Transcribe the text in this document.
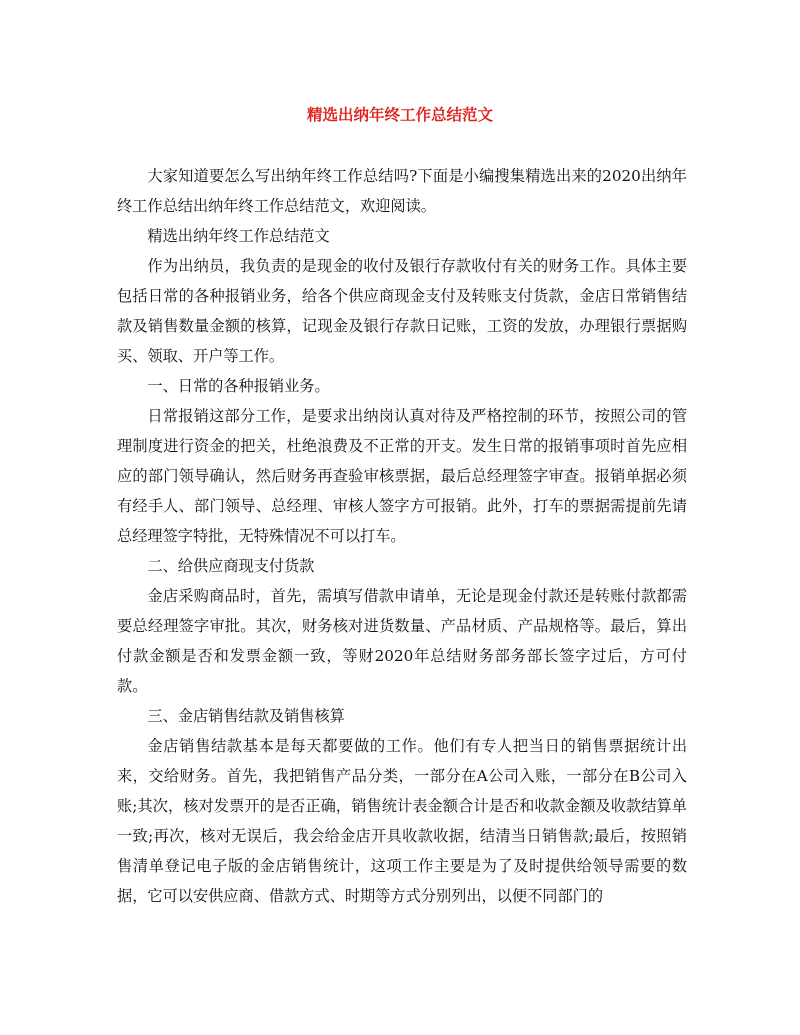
精选出纳年终工作总结范文

大家知道要怎么写出纳年终工作总结吗?下面是小编搜集精选出来的2020出纳年终工作总结出纳年终工作总结范文，欢迎阅读。

精选出纳年终工作总结范文

作为出纳员，我负责的是现金的收付及银行存款收付有关的财务工作。具体主要包括日常的各种报销业务，给各个供应商现金支付及转账支付货款，金店日常销售结款及销售数量金额的核算，记现金及银行存款日记账，工资的发放，办理银行票据购买、领取、开户等工作。

一、日常的各种报销业务。

日常报销这部分工作，是要求出纳岗认真对待及严格控制的环节，按照公司的管理制度进行资金的把关，杜绝浪费及不正常的开支。发生日常的报销事项时首先应相应的部门领导确认，然后财务再查验审核票据，最后总经理签字审查。报销单据必须有经手人、部门领导、总经理、审核人签字方可报销。此外，打车的票据需提前先请总经理签字特批，无特殊情况不可以打车。

二、给供应商现支付货款

金店采购商品时，首先，需填写借款申请单，无论是现金付款还是转账付款都需要总经理签字审批。其次，财务核对进货数量、产品材质、产品规格等。最后，算出付款金额是否和发票金额一致，等财2020年总结财务部务部长签字过后，方可付款。

三、金店销售结款及销售核算

金店销售结款基本是每天都要做的工作。他们有专人把当日的销售票据统计出来，交给财务。首先，我把销售产品分类，一部分在A公司入账，一部分在B公司入账;其次，核对发票开的是否正确，销售统计表金额合计是否和收款金额及收款结算单一致;再次，核对无误后，我会给金店开具收款收据，结清当日销售款;最后，按照销售清单登记电子版的金店销售统计，这项工作主要是为了及时提供给领导需要的数据，它可以安供应商、借款方式、时期等方式分别列出，以便不同部门的
